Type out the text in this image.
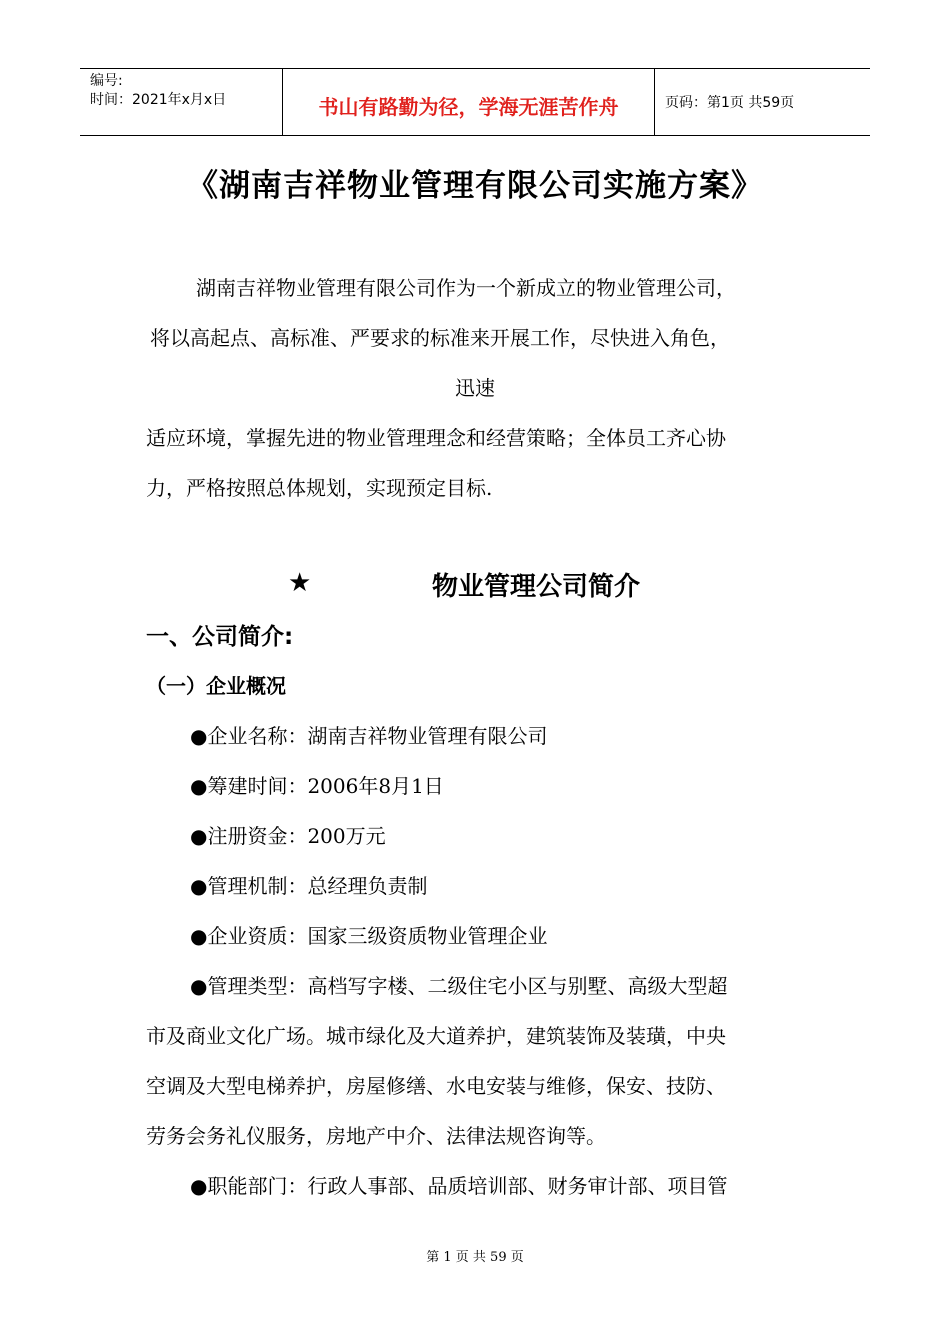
编号:
时间：2021年x月x日	书山有路勤为径，学海无涯苦作舟	页码：第1页 共59页
《湖南吉祥物业管理有限公司实施方案》
湖南吉祥物业管理有限公司作为一个新成立的物业管理公司，
将以高起点、高标准、严要求的标准来开展工作，尽快进入角色，
迅速
适应环境，掌握先进的物业管理理念和经营策略；全体员工齐心协
力，严格按照总体规划，实现预定目标.
★	物业管理公司简介
一、公司简介:
（一）企业概况
●企业名称：湖南吉祥物业管理有限公司
●筹建时间：2006年8月1日
●注册资金：200万元
●管理机制：总经理负责制
●企业资质：国家三级资质物业管理企业
●管理类型：高档写字楼、二级住宅小区与别墅、高级大型超
市及商业文化广场。城市绿化及大道养护，建筑装饰及装璜，中央
空调及大型电梯养护，房屋修缮、水电安装与维修，保安、技防、
劳务会务礼仪服务，房地产中介、法律法规咨询等。
●职能部门：行政人事部、品质培训部、财务审计部、项目管
第 1 页 共 59 页
